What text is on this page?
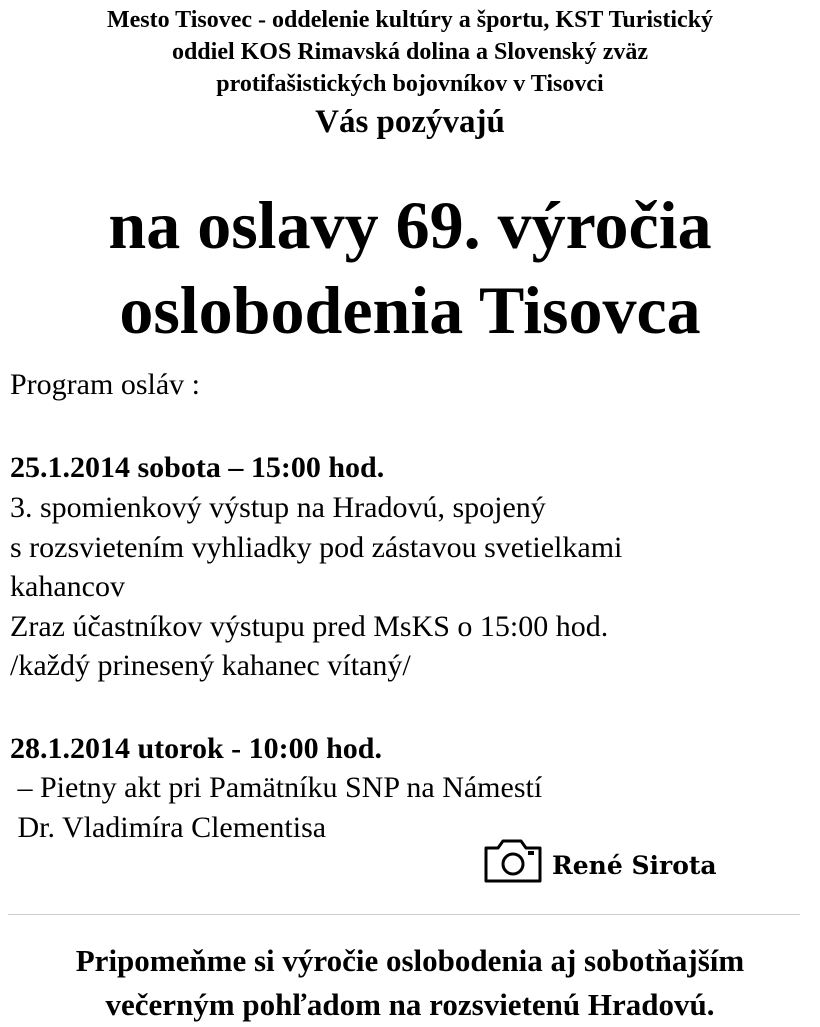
Mesto Tisovec - oddelenie kultúry a športu, KST Turistický
oddiel KOS Rimavská dolina a Slovenský zväz
protifašistických bojovníkov v Tisovci
Vás pozývajú
na oslavy 69. výročia
oslobodenia Tisovca
Program osláv :
25.1.2014 sobota – 15:00 hod.
3. spomienkový výstup na Hradovú, spojený
s rozsvietením vyhliadky pod zástavou svetielkami
kahancov
Zraz účastníkov výstupu pred MsKS o 15:00 hod.
/každý prinesený kahanec vítaný/
28.1.2014 utorok - 10:00 hod.
– Pietny akt pri Pamätníku SNP na Námestí
Dr. Vladimíra Clementisa
René Sirota
Pripomeňme si výročie oslobodenia aj sobotňajším
večerným pohľadom na rozsvietenú Hradovú.
